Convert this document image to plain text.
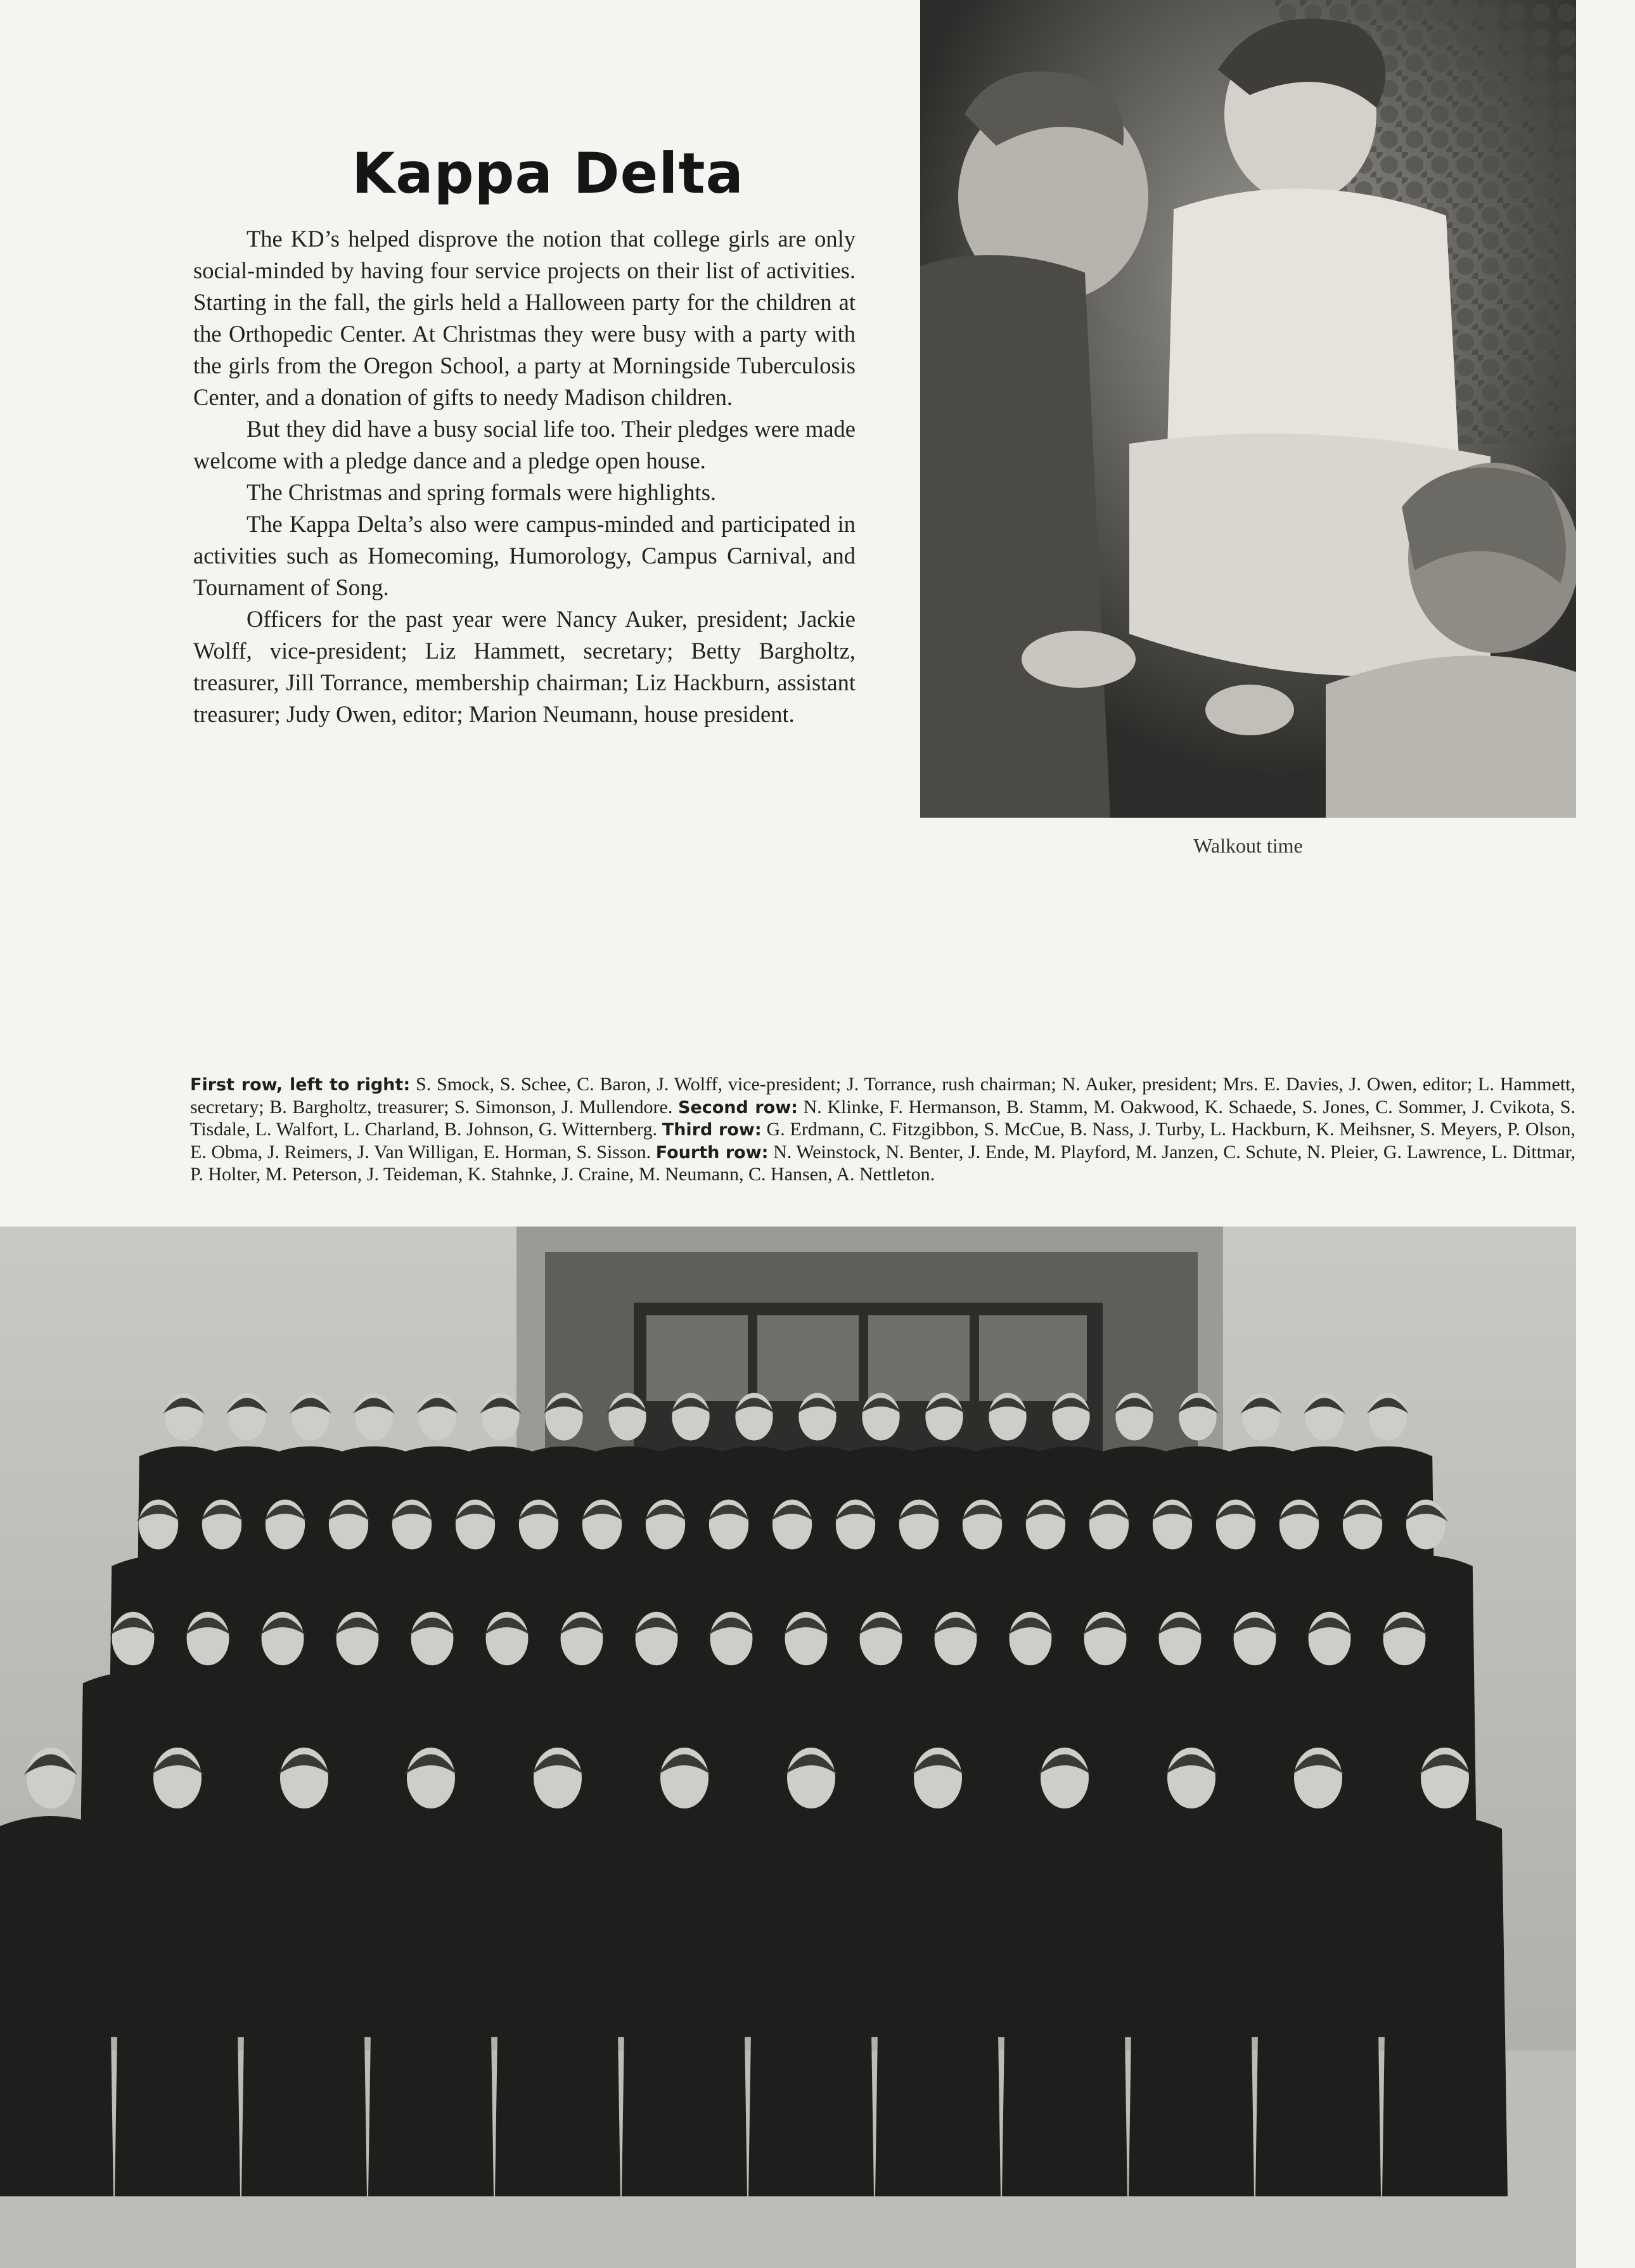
Kappa Delta

The KD’s helped disprove the notion that college girls are only social-minded by having four service projects on their list of activities. Starting in the fall, the girls held a Halloween party for the children at the Orthopedic Center. At Christmas they were busy with a party with the girls from the Oregon School, a party at Morningside Tuberculosis Center, and a donation of gifts to needy Madison children.

But they did have a busy social life too. Their pledges were made welcome with a pledge dance and a pledge open house.

The Christmas and spring formals were highlights.

The Kappa Delta’s also were campus-minded and participated in activities such as Homecoming, Humorology, Campus Carnival, and Tournament of Song.

Officers for the past year were Nancy Auker, president; Jackie Wolff, vice-president; Liz Hammett, secretary; Betty Bargholtz, treasurer, Jill Torrance, membership chairman; Liz Hackburn, assistant treasurer; Judy Owen, editor; Marion Neumann, house president.

Walkout time
First row, left to right: S. Smock, S. Schee, C. Baron, J. Wolff, vice-president; J. Torrance, rush chairman; N. Auker, president; Mrs. E. Davies, J. Owen, editor; L. Hammett, secretary; B. Bargholtz, treasurer; S. Simonson, J. Mullendore. Second row: N. Klinke, F. Hermanson, B. Stamm, M. Oakwood, K. Schaede, S. Jones, C. Sommer, J. Cvikota, S. Tisdale, L. Walfort, L. Charland, B. Johnson, G. Witternberg. Third row: G. Erdmann, C. Fitzgibbon, S. McCue, B. Nass, J. Turby, L. Hackburn, K. Meihsner, S. Meyers, P. Olson, E. Obma, J. Reimers, J. Van Willigan, E. Horman, S. Sisson. Fourth row: N. Weinstock, N. Benter, J. Ende, M. Playford, M. Janzen, C. Schute, N. Pleier, G. Lawrence, L. Dittmar, P. Holter, M. Peterson, J. Teideman, K. Stahnke, J. Craine, M. Neumann, C. Hansen, A. Nettleton.
